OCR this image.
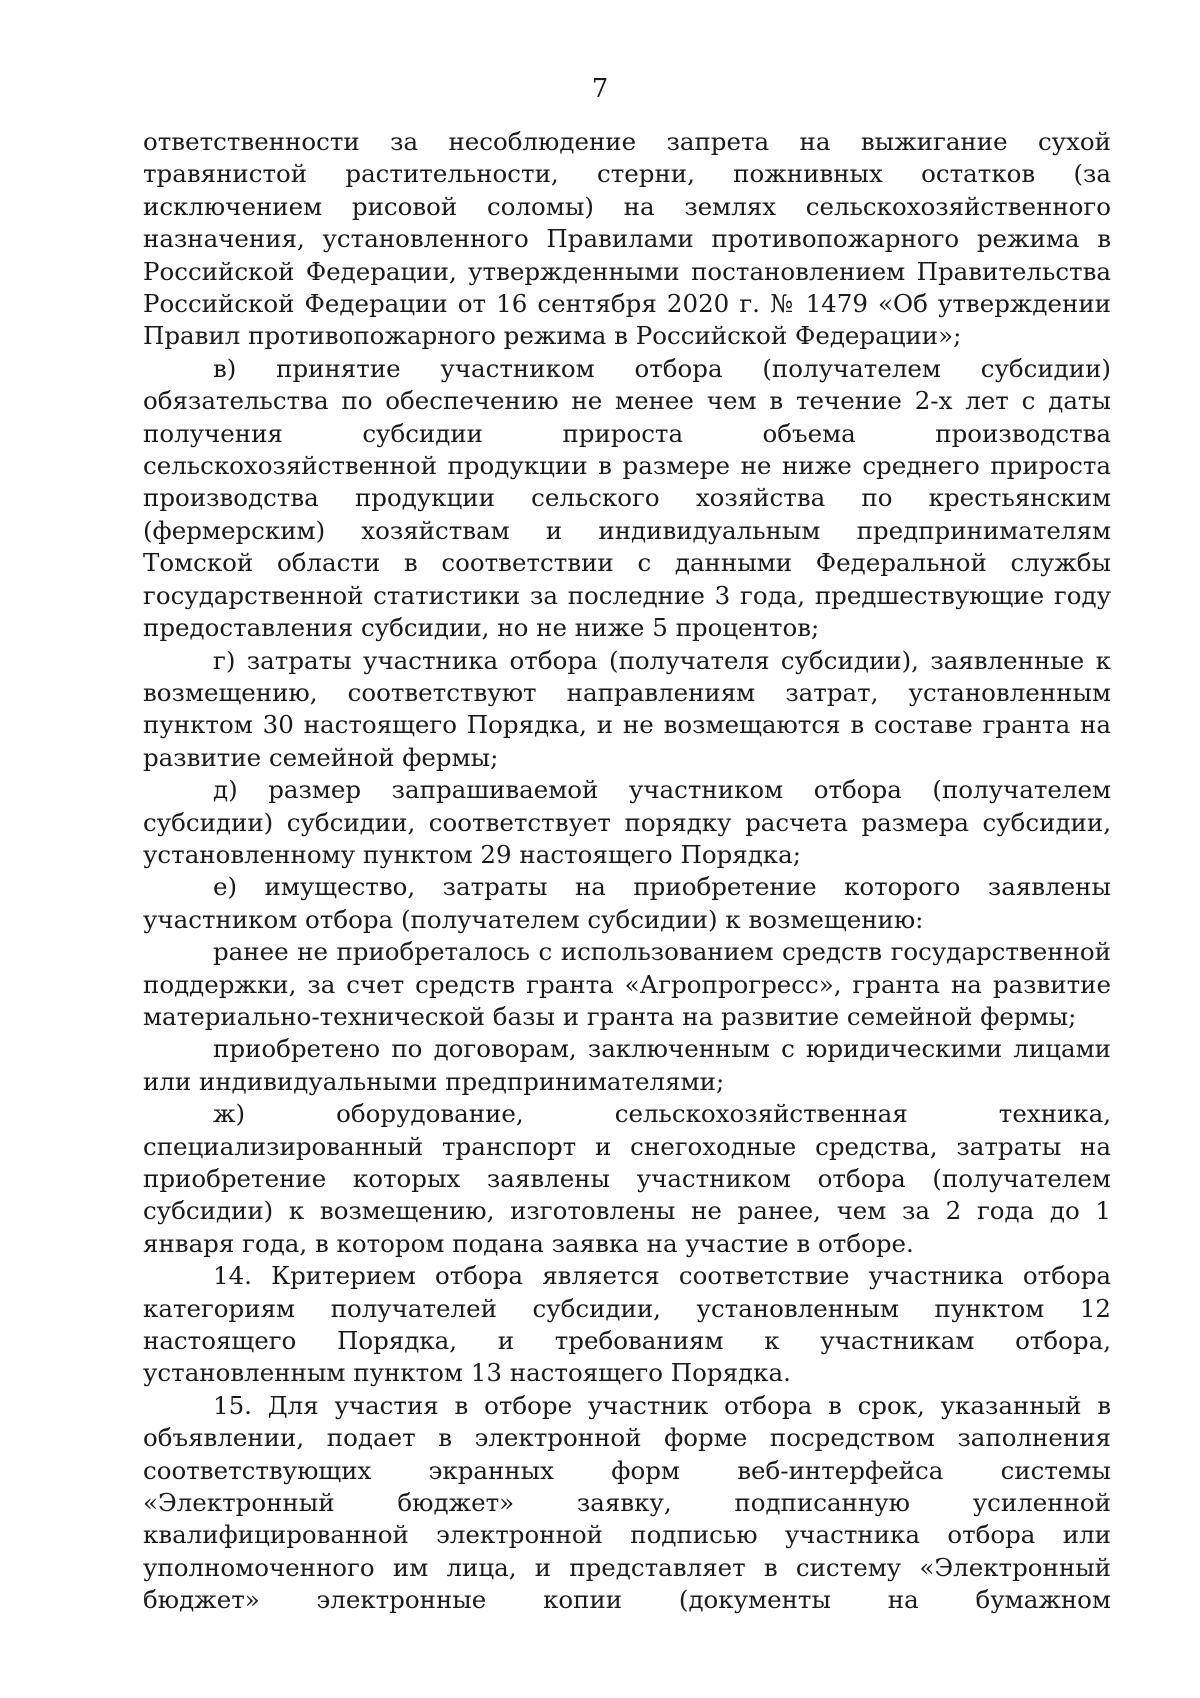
7

ответственности за несоблюдение запрета на выжигание сухой травянистой растительности, стерни, пожнивных остатков (за исключением рисовой соломы) на землях сельскохозяйственного назначения, установленного Правилами противопожарного режима в Российской Федерации, утвержденными постановлением Правительства Российской Федерации от 16 сентября 2020 г. № 1479 «Об утверждении Правил противопожарного режима в Российской Федерации»;

в) принятие участником отбора (получателем субсидии) обязательства по обеспечению не менее чем в течение 2-х лет с даты получения субсидии прироста объема производства сельскохозяйственной продукции в размере не ниже среднего прироста производства продукции сельского хозяйства по крестьянским (фермерским) хозяйствам и индивидуальным предпринимателям Томской области в соответствии с данными Федеральной службы государственной статистики за последние 3 года, предшествующие году предоставления субсидии, но не ниже 5 процентов;

г) затраты участника отбора (получателя субсидии), заявленные к возмещению, соответствуют направлениям затрат, установленным пунктом 30 настоящего Порядка, и не возмещаются в составе гранта на развитие семейной фермы;

д) размер запрашиваемой участником отбора (получателем субсидии) субсидии, соответствует порядку расчета размера субсидии, установленному пунктом 29 настоящего Порядка;

е) имущество, затраты на приобретение которого заявлены участником отбора (получателем субсидии) к возмещению:

ранее не приобреталось с использованием средств государственной поддержки, за счет средств гранта «Агропрогресс», гранта на развитие материально-технической базы и гранта на развитие семейной фермы;

приобретено по договорам, заключенным с юридическими лицами или индивидуальными предпринимателями;

ж) оборудование, сельскохозяйственная техника, специализированный транспорт и снегоходные средства, затраты на приобретение которых заявлены участником отбора (получателем субсидии) к возмещению, изготовлены не ранее, чем за 2 года до 1 января года, в котором подана заявка на участие в отборе.

14. Критерием отбора является соответствие участника отбора категориям получателей субсидии, установленным пунктом 12 настоящего Порядка, и требованиям к участникам отбора, установленным пунктом 13 настоящего Порядка.

15. Для участия в отборе участник отбора в срок, указанный в объявлении, подает в электронной форме посредством заполнения соответствующих экранных форм веб-интерфейса системы «Электронный бюджет» заявку, подписанную усиленной квалифицированной электронной подписью участника отбора или уполномоченного им лица, и представляет в систему «Электронный бюджет» электронные копии (документы на бумажном
